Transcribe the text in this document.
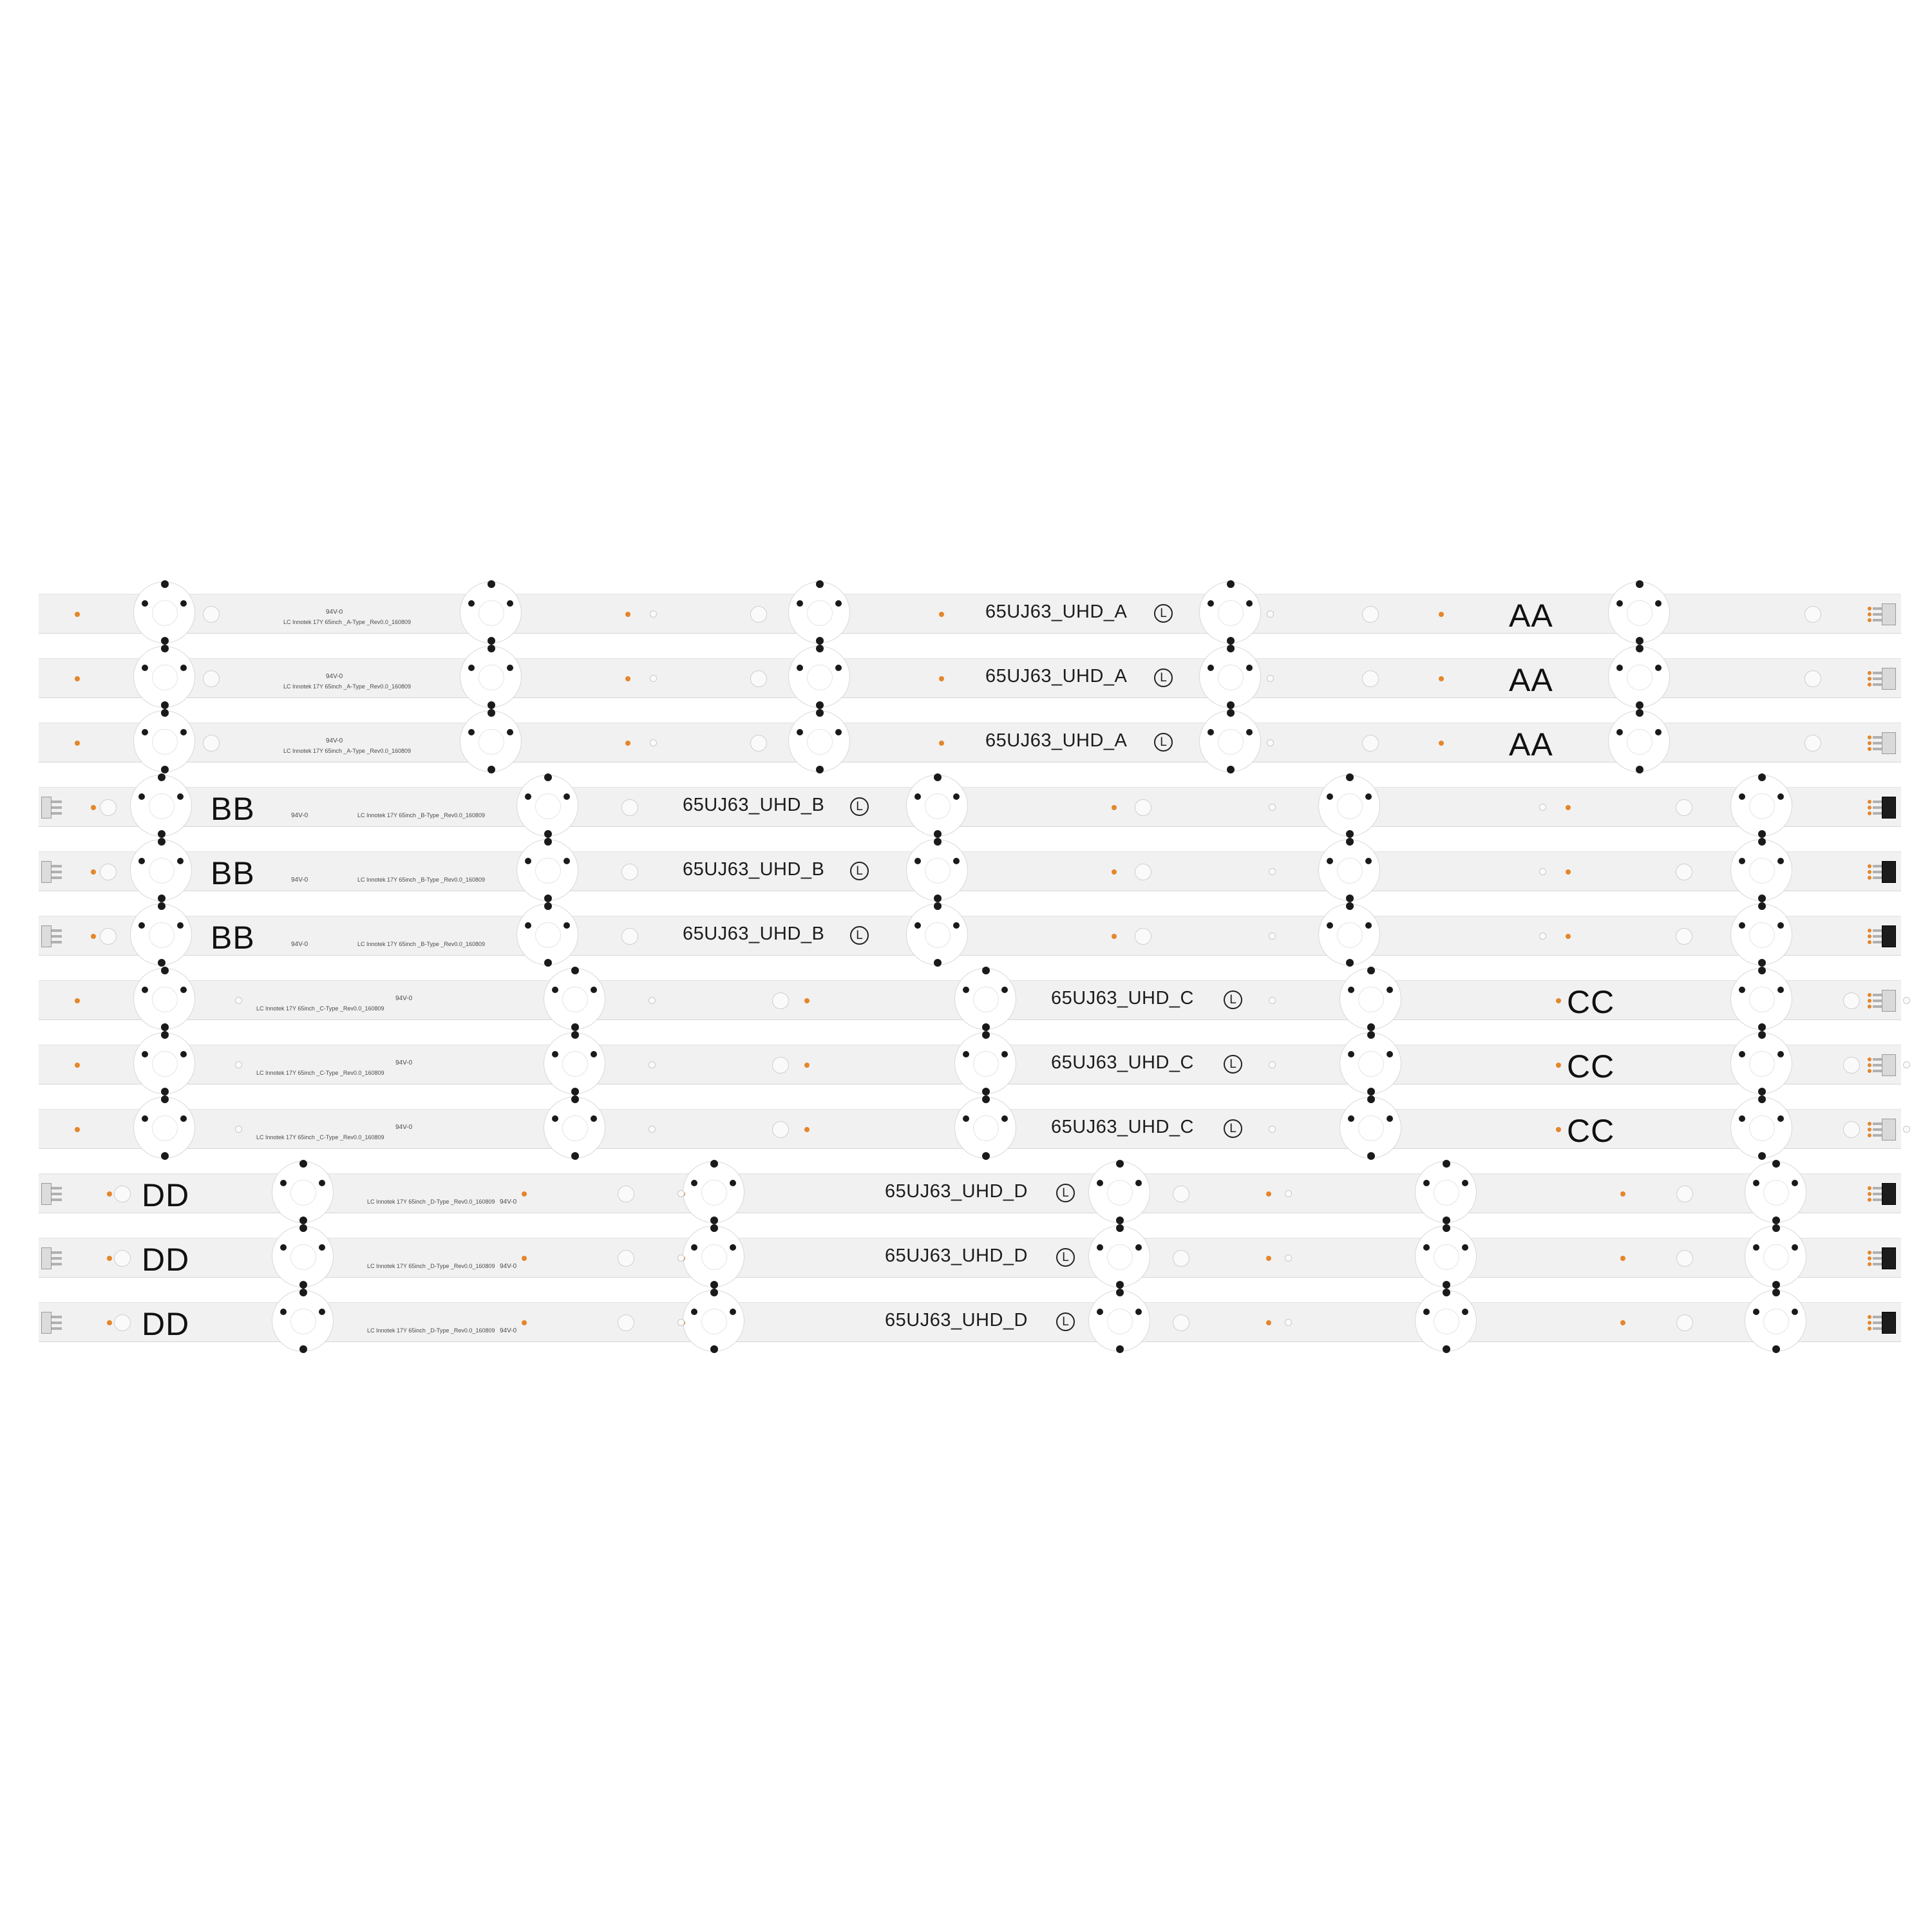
65UJ63_UHD_A	L	AA
LC Innotek 17Y 65inch _A-Type _Rev0.0_160809
94V-0
65UJ63_UHD_A	L	AA
LC Innotek 17Y 65inch _A-Type _Rev0.0_160809
94V-0
65UJ63_UHD_A	L	AA
LC Innotek 17Y 65inch _A-Type _Rev0.0_160809
94V-0
65UJ63_UHD_B	L
BB	LC Innotek 17Y 65inch _B-Type _Rev0.0_160809
94V-0
65UJ63_UHD_B	L
BB	LC Innotek 17Y 65inch _B-Type _Rev0.0_160809
94V-0
65UJ63_UHD_B	L
BB	LC Innotek 17Y 65inch _B-Type _Rev0.0_160809
94V-0
65UJ63_UHD_C	L	CC
LC Innotek 17Y 65inch _C-Type _Rev0.0_160809
94V-0
65UJ63_UHD_C	L	CC
LC Innotek 17Y 65inch _C-Type _Rev0.0_160809
94V-0
65UJ63_UHD_C	L	CC
LC Innotek 17Y 65inch _C-Type _Rev0.0_160809
94V-0
65UJ63_UHD_D	L
DD	LC Innotek 17Y 65inch _D-Type _Rev0.0_160809 94V-0
65UJ63_UHD_D	L
DD	LC Innotek 17Y 65inch _D-Type _Rev0.0_160809 94V-0
65UJ63_UHD_D	L
DD	LC Innotek 17Y 65inch _D-Type _Rev0.0_160809 94V-0
